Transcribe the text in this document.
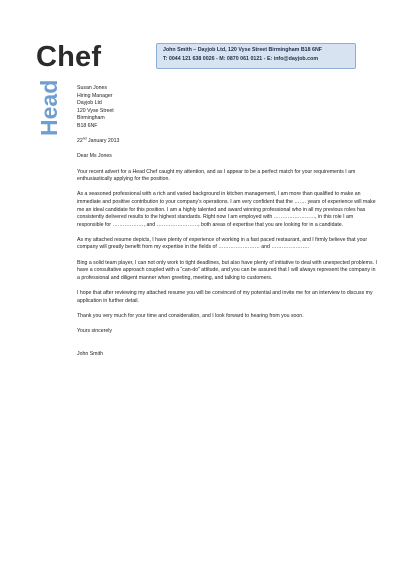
Chef
Head
John Smith – Dayjob Ltd, 120 Vyse Street Birmingham B18 6NF
T: 0044 121 638 0026 - M: 0870 061 0121 - E: info@dayjob.com
Susan Jones
Hiring Manager
Dayjob Ltd
120 Vyse Street
Birmingham
B18 6NF

22nd January 2013

Dear Ms Jones

Your recent advert for a Head Chef caught my attention, and as I appear to be a perfect match for your requirements I am enthusiastically applying for the position.

As a seasoned professional with a rich and varied background in kitchen management, I am more than qualified to make an immediate and positive contribution to your company’s operations. I am very confident that the ……. years of experience will make me an ideal candidate for this position. I am a highly talented and award winning professional who in all my previous roles has consistently delivered results to the highest standards. Right now I am employed with ……………………, in this role I am responsible for ………………, and ……………………, both areas of expertise that you are looking for in a candidate.

As my attached resume depicts, I have plenty of experience of working in a fast paced restaurant, and I firmly believe that your company will greatly benefit from my expertise in the fields of …………………… and ………………….

Bing a solid team player, I can not only work to tight deadlines, but also have plenty of initiative to deal with unexpected problems. I have a consultative approach coupled with a “can-do” attitude, and you can be assured that I will always represent the company in a professional and diligent manner when greeting, meeting, and talking to customers.

I hope that after reviewing my attached resume you will be convinced of my potential and invite me for an interview to discuss my application in further detail.

Thank you very much for your time and consideration, and I look forward to hearing from you soon.

Yours sincerely

John Smith
